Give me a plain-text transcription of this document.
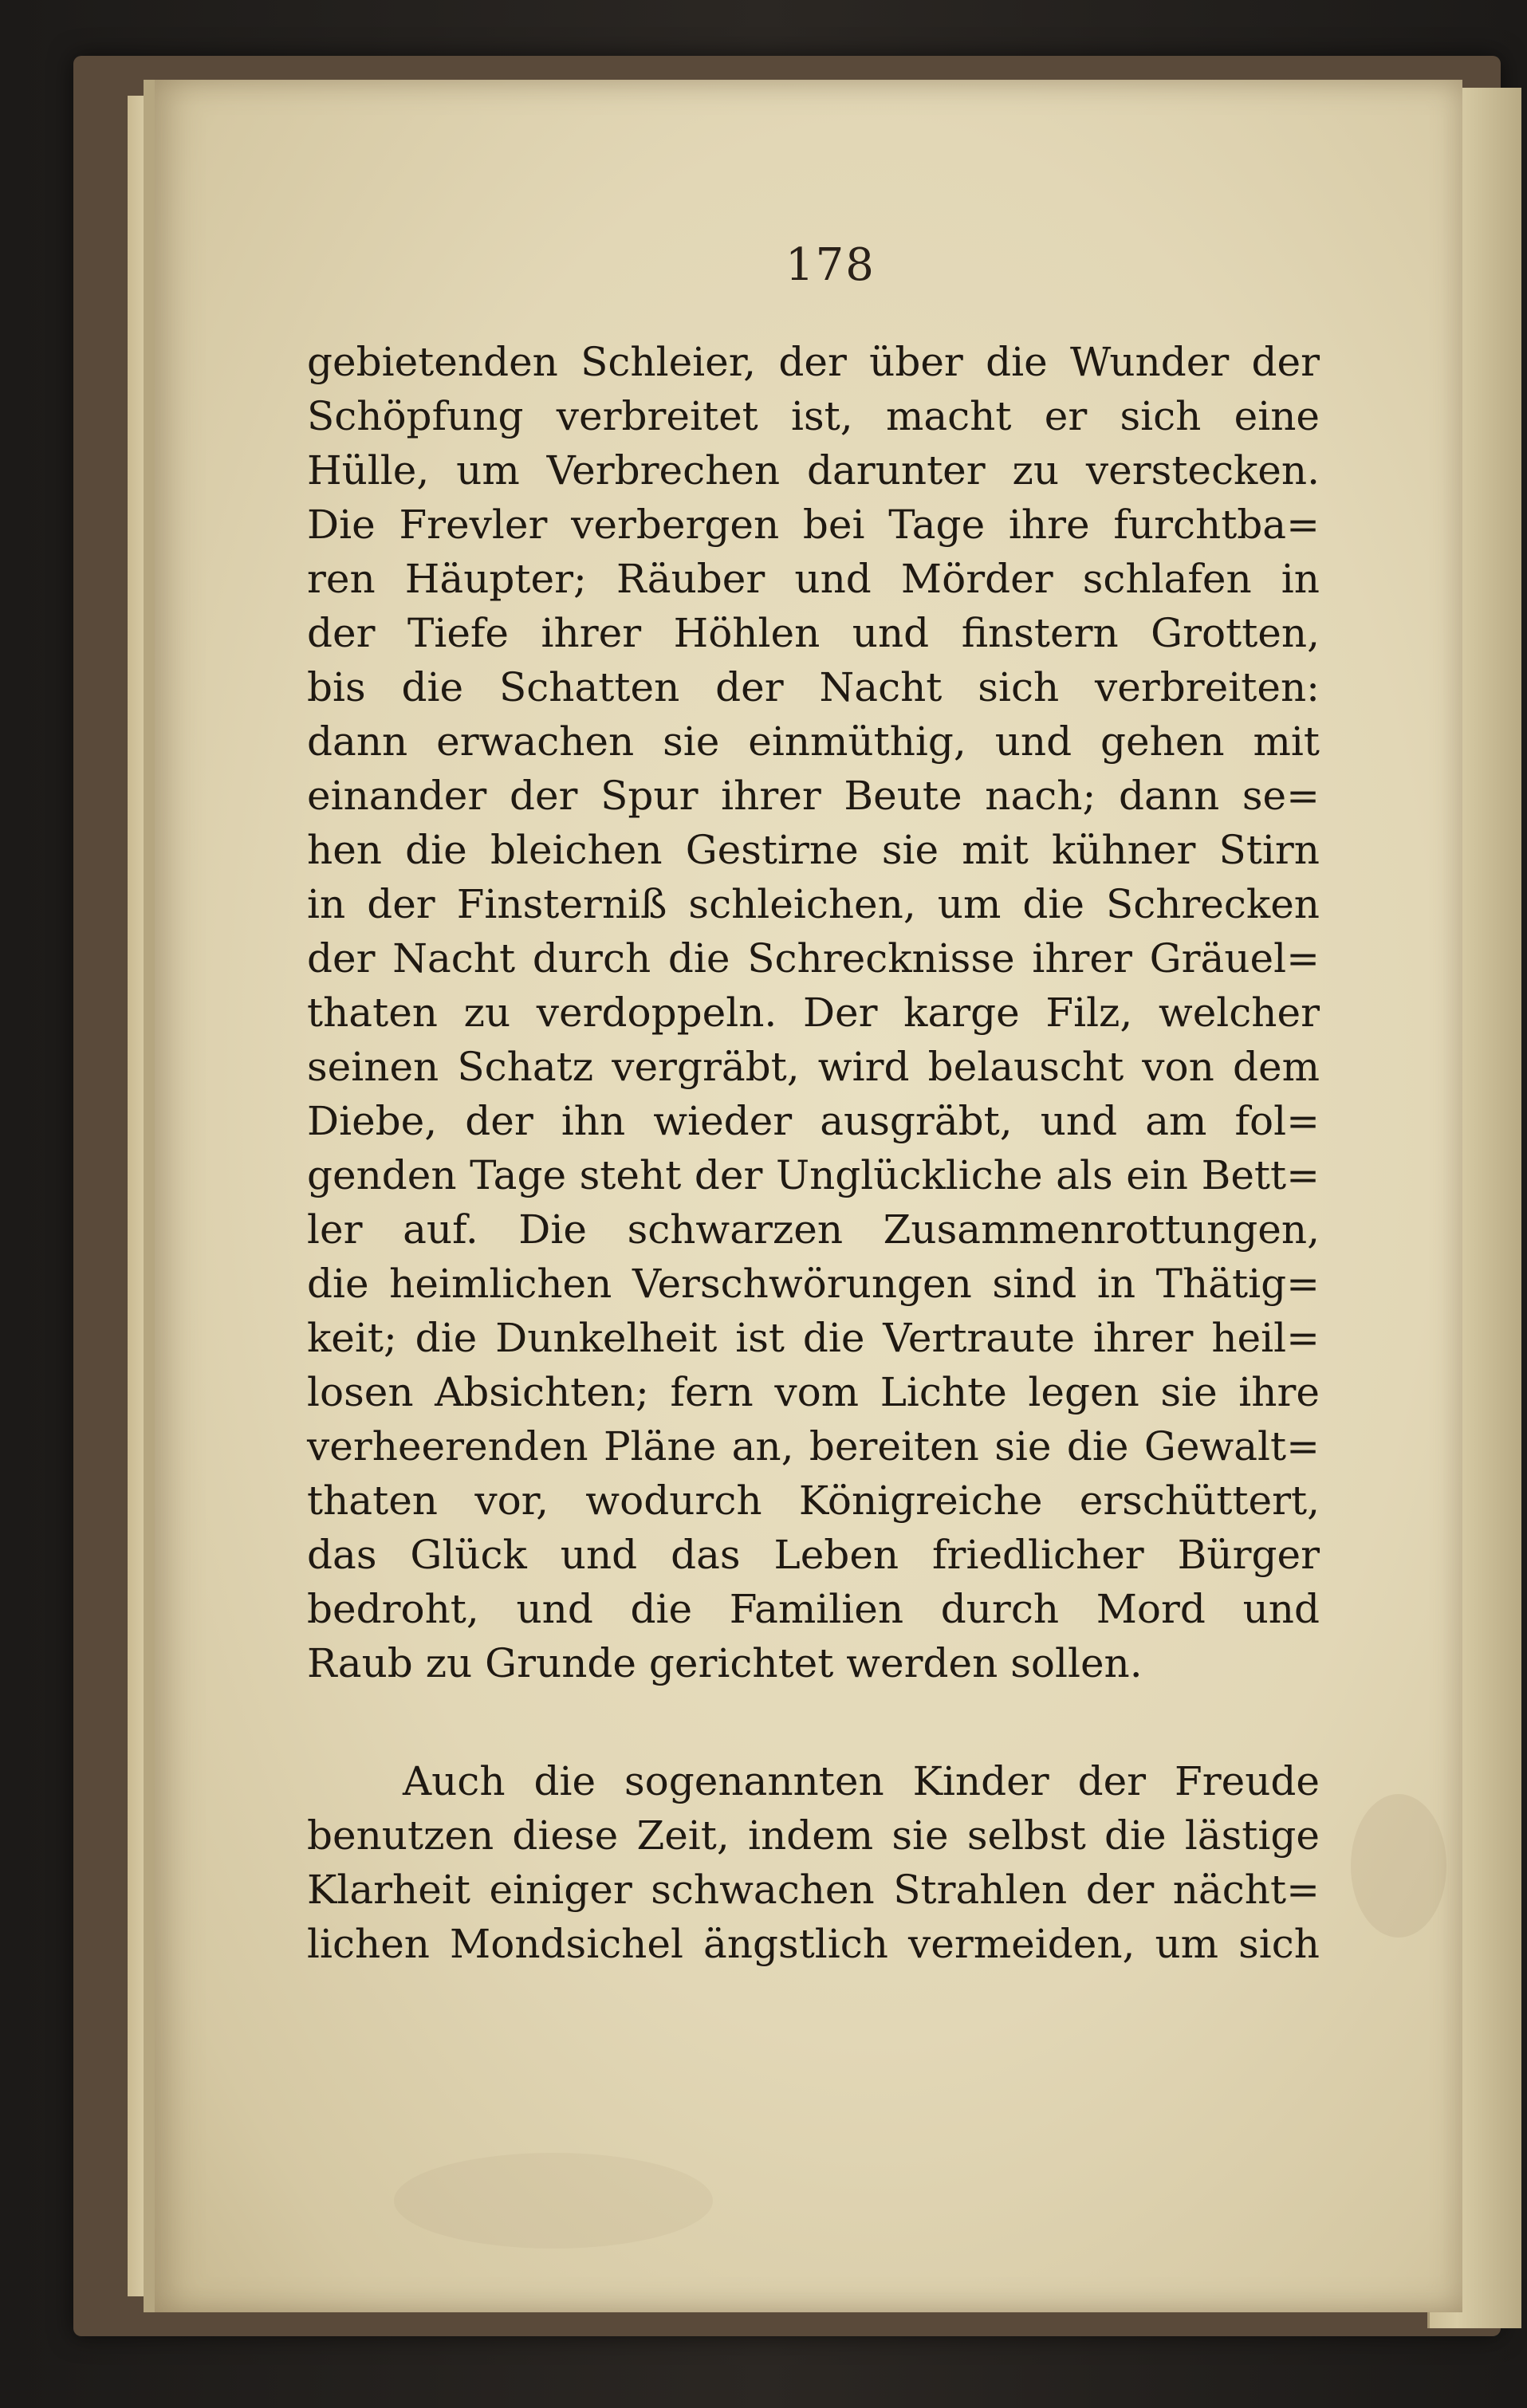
178
gebietenden Schleier, der über die Wunder der
Schöpfung verbreitet ist, macht er sich eine
Hülle, um Verbrechen darunter zu verstecken.
Die Frevler verbergen bei Tage ihre furchtba=
ren Häupter; Räuber und Mörder schlafen in
der Tiefe ihrer Höhlen und finstern Grotten,
bis die Schatten der Nacht sich verbreiten:
dann erwachen sie einmüthig, und gehen mit
einander der Spur ihrer Beute nach; dann se=
hen die bleichen Gestirne sie mit kühner Stirn
in der Finsterniß schleichen, um die Schrecken
der Nacht durch die Schrecknisse ihrer Gräuel=
thaten zu verdoppeln. Der karge Filz, welcher
seinen Schatz vergräbt, wird belauscht von dem
Diebe, der ihn wieder ausgräbt, und am fol=
genden Tage steht der Unglückliche als ein Bett=
ler auf. Die schwarzen Zusammenrottungen,
die heimlichen Verschwörungen sind in Thätig=
keit; die Dunkelheit ist die Vertraute ihrer heil=
losen Absichten; fern vom Lichte legen sie ihre
verheerenden Pläne an, bereiten sie die Gewalt=
thaten vor, wodurch Königreiche erschüttert,
das Glück und das Leben friedlicher Bürger
bedroht, und die Familien durch Mord und
Raub zu Grunde gerichtet werden sollen.
Auch die sogenannten Kinder der Freude
benutzen diese Zeit, indem sie selbst die lästige
Klarheit einiger schwachen Strahlen der nächt=
lichen Mondsichel ängstlich vermeiden, um sich
